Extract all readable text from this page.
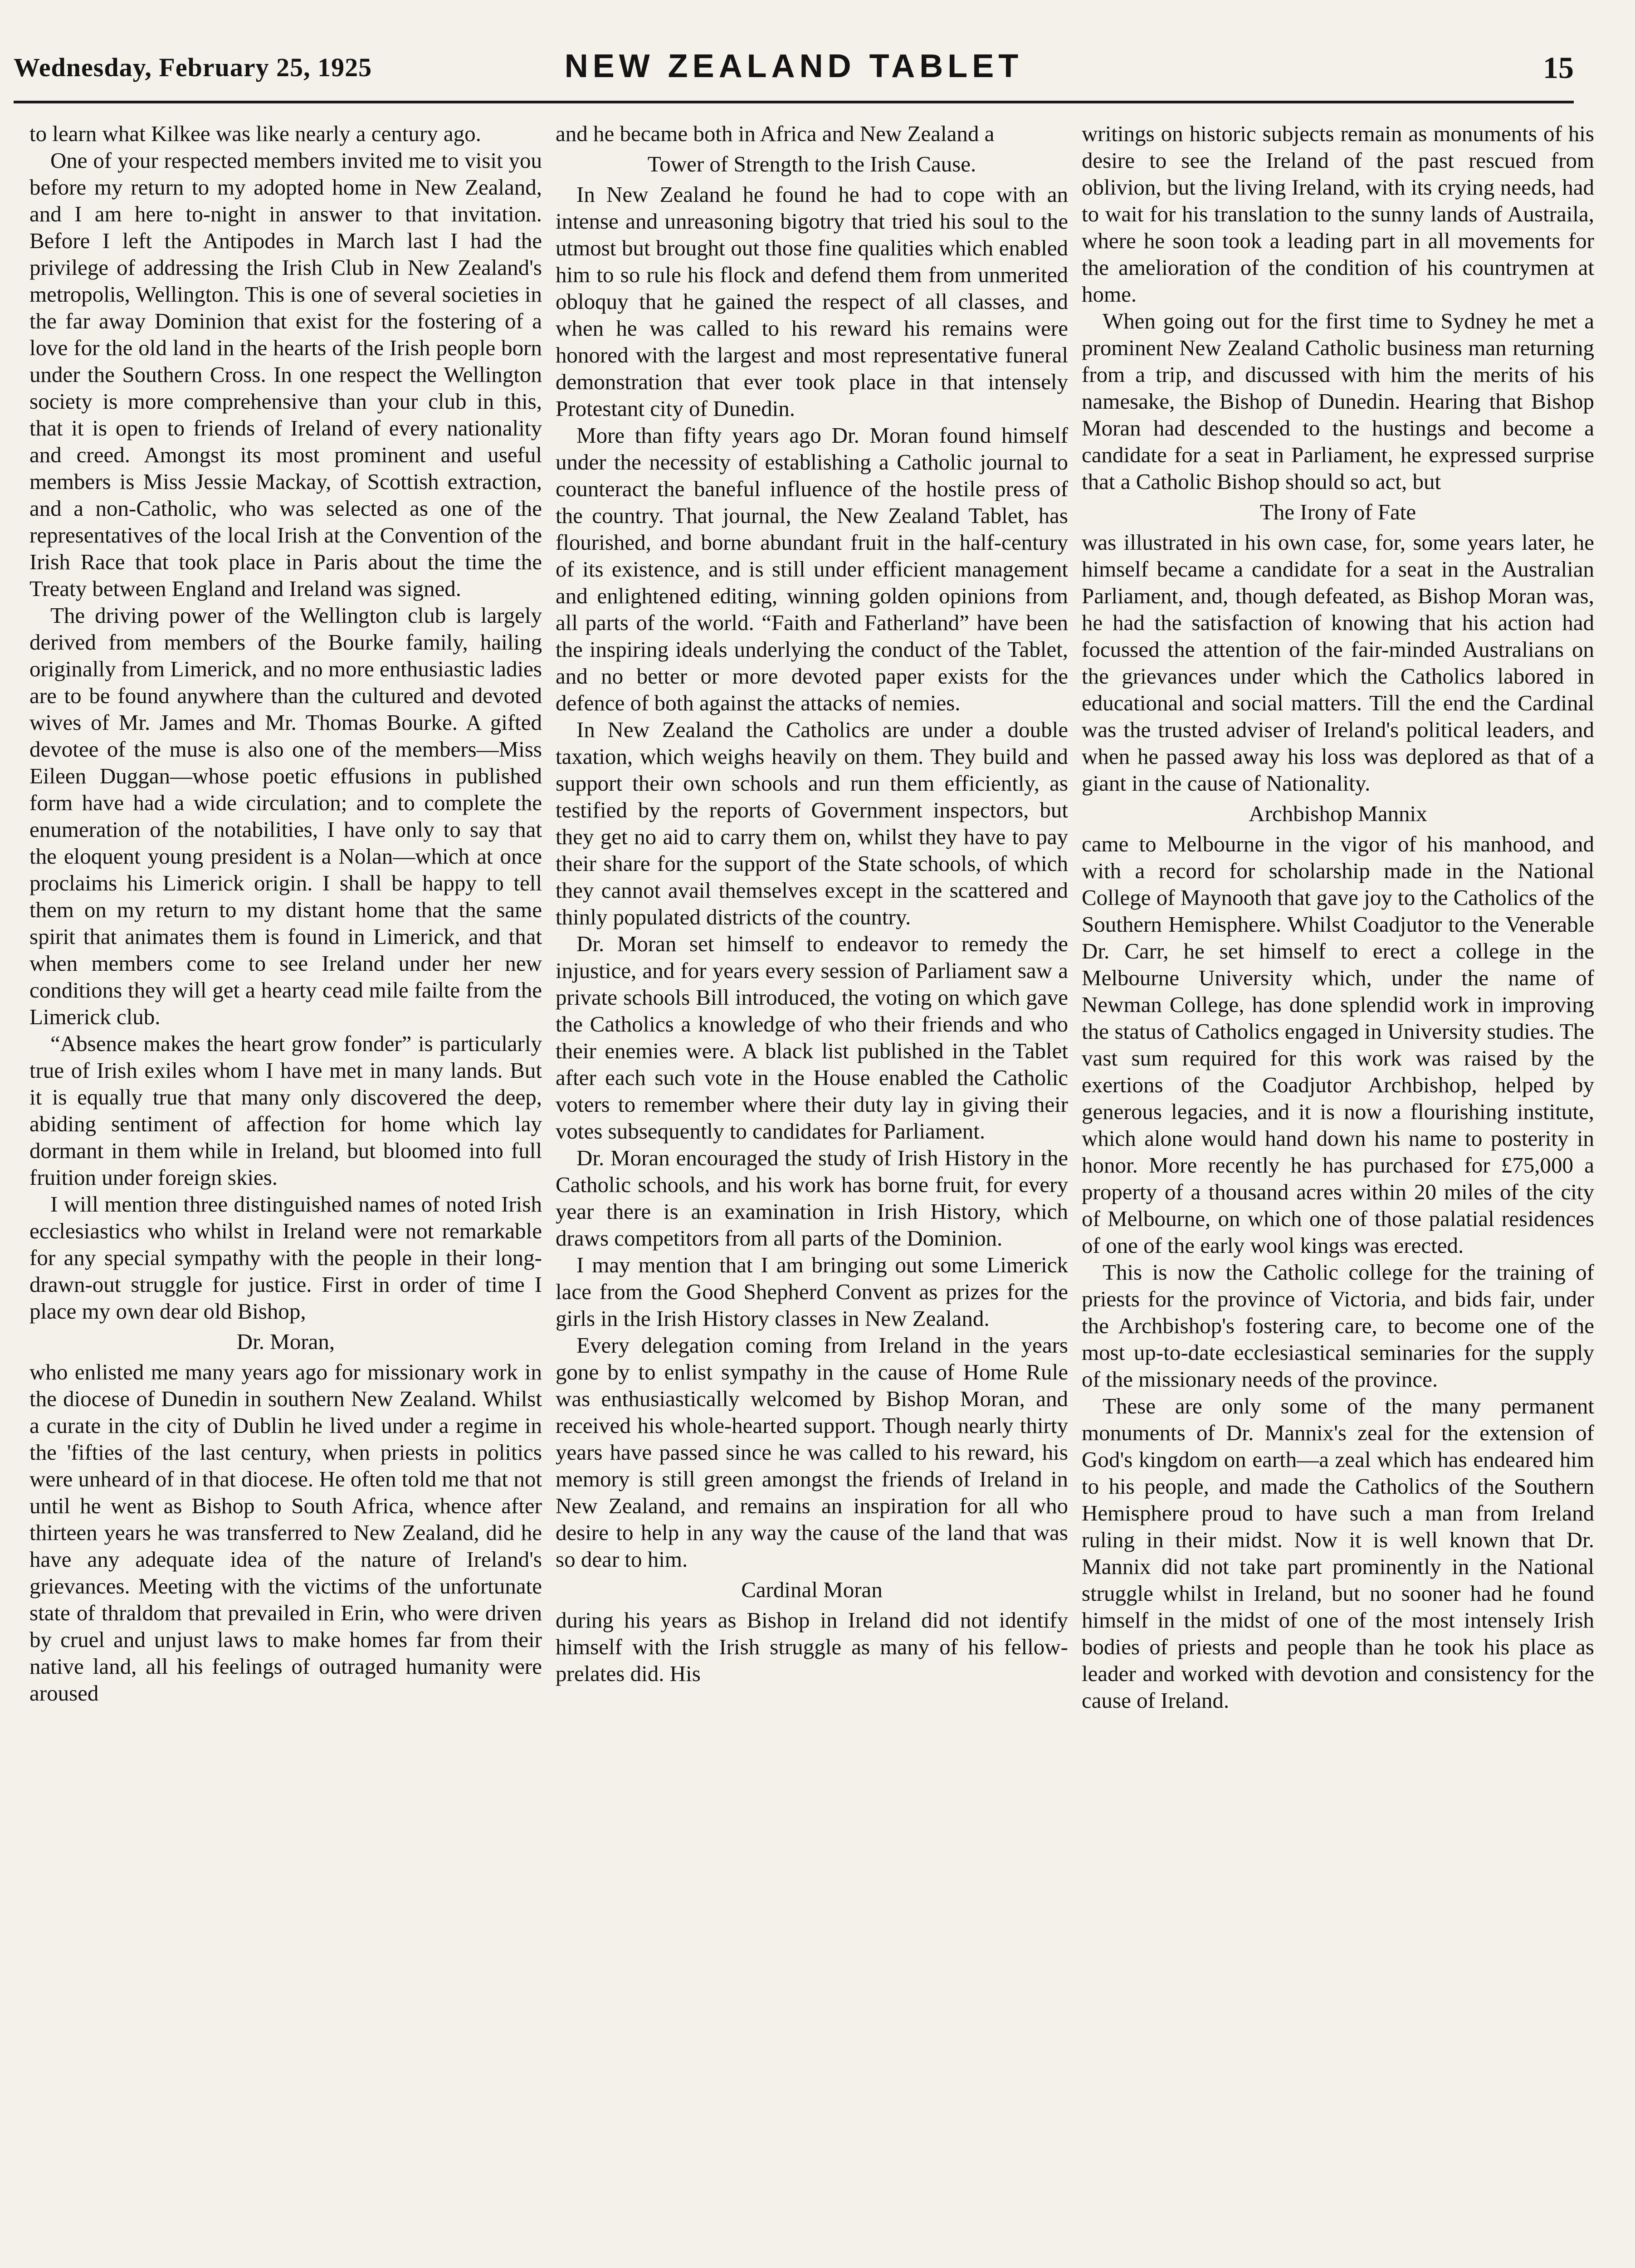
Wednesday, February 25, 1925	NEW ZEALAND TABLET	15

to learn what Kilkee was like nearly a century ago.

One of your respected members invited me to visit you before my return to my adopted home in New Zealand, and I am here to-night in answer to that invitation. Before I left the Antipodes in March last I had the privilege of addressing the Irish Club in New Zealand's metropolis, Wellington. This is one of several societies in the far away Dominion that exist for the fostering of a love for the old land in the hearts of the Irish people born under the Southern Cross. In one respect the Wellington society is more comprehensive than your club in this, that it is open to friends of Ireland of every nationality and creed. Amongst its most prominent and useful members is Miss Jessie Mackay, of Scottish extraction, and a non-Catholic, who was selected as one of the representatives of the local Irish at the Convention of the Irish Race that took place in Paris about the time the Treaty between England and Ireland was signed.

The driving power of the Wellington club is largely derived from members of the Bourke family, hailing originally from Limerick, and no more enthusiastic ladies are to be found anywhere than the cultured and devoted wives of Mr. James and Mr. Thomas Bourke. A gifted devotee of the muse is also one of the members—Miss Eileen Duggan—whose poetic effusions in published form have had a wide circulation; and to complete the enumeration of the notabilities, I have only to say that the eloquent young president is a Nolan—which at once proclaims his Limerick origin. I shall be happy to tell them on my return to my distant home that the same spirit that animates them is found in Limerick, and that when members come to see Ireland under her new conditions they will get a hearty cead mile failte from the Limerick club.

“Absence makes the heart grow fonder” is particularly true of Irish exiles whom I have met in many lands. But it is equally true that many only discovered the deep, abiding sentiment of affection for home which lay dormant in them while in Ireland, but bloomed into full fruition under foreign skies.

I will mention three distinguished names of noted Irish ecclesiastics who whilst in Ireland were not remarkable for any special sympathy with the people in their long-drawn-out struggle for justice. First in order of time I place my own dear old Bishop,

Dr. Moran,

who enlisted me many years ago for missionary work in the diocese of Dunedin in southern New Zealand. Whilst a curate in the city of Dublin he lived under a regime in the 'fifties of the last century, when priests in politics were unheard of in that diocese. He often told me that not until he went as Bishop to South Africa, whence after thirteen years he was transferred to New Zealand, did he have any adequate idea of the nature of Ireland's grievances. Meeting with the victims of the unfortunate state of thraldom that prevailed in Erin, who were driven by cruel and unjust laws to make homes far from their native land, all his feelings of outraged humanity were aroused

and he became both in Africa and New Zealand a

Tower of Strength to the Irish Cause.

In New Zealand he found he had to cope with an intense and unreasoning bigotry that tried his soul to the utmost but brought out those fine qualities which enabled him to so rule his flock and defend them from unmerited obloquy that he gained the respect of all classes, and when he was called to his reward his remains were honored with the largest and most representative funeral demonstration that ever took place in that intensely Protestant city of Dunedin.

More than fifty years ago Dr. Moran found himself under the necessity of establishing a Catholic journal to counteract the baneful influence of the hostile press of the country. That journal, the New Zealand Tablet, has flourished, and borne abundant fruit in the half-century of its existence, and is still under efficient management and enlightened editing, winning golden opinions from all parts of the world. “Faith and Fatherland” have been the inspiring ideals underlying the conduct of the Tablet, and no better or more devoted paper exists for the defence of both against the attacks of nemies.

In New Zealand the Catholics are under a double taxation, which weighs heavily on them. They build and support their own schools and run them efficiently, as testified by the reports of Government inspectors, but they get no aid to carry them on, whilst they have to pay their share for the support of the State schools, of which they cannot avail themselves except in the scattered and thinly populated districts of the country.

Dr. Moran set himself to endeavor to remedy the injustice, and for years every session of Parliament saw a private schools Bill introduced, the voting on which gave the Catholics a knowledge of who their friends and who their enemies were. A black list published in the Tablet after each such vote in the House enabled the Catholic voters to remember where their duty lay in giving their votes subsequently to candidates for Parliament.

Dr. Moran encouraged the study of Irish History in the Catholic schools, and his work has borne fruit, for every year there is an examination in Irish History, which draws competitors from all parts of the Dominion.

I may mention that I am bringing out some Limerick lace from the Good Shepherd Convent as prizes for the girls in the Irish History classes in New Zealand.

Every delegation coming from Ireland in the years gone by to enlist sympathy in the cause of Home Rule was enthusiastically welcomed by Bishop Moran, and received his whole-hearted support. Though nearly thirty years have passed since he was called to his reward, his memory is still green amongst the friends of Ireland in New Zealand, and remains an inspiration for all who desire to help in any way the cause of the land that was so dear to him.

Cardinal Moran

during his years as Bishop in Ireland did not identify himself with the Irish struggle as many of his fellow-prelates did. His

writings on historic subjects remain as monuments of his desire to see the Ireland of the past rescued from oblivion, but the living Ireland, with its crying needs, had to wait for his translation to the sunny lands of Austraila, where he soon took a leading part in all movements for the amelioration of the condition of his countrymen at home.

When going out for the first time to Sydney he met a prominent New Zealand Catholic business man returning from a trip, and discussed with him the merits of his namesake, the Bishop of Dunedin. Hearing that Bishop Moran had descended to the hustings and become a candidate for a seat in Parliament, he expressed surprise that a Catholic Bishop should so act, but

The Irony of Fate

was illustrated in his own case, for, some years later, he himself became a candidate for a seat in the Australian Parliament, and, though defeated, as Bishop Moran was, he had the satisfaction of knowing that his action had focussed the attention of the fair-minded Australians on the grievances under which the Catholics labored in educational and social matters. Till the end the Cardinal was the trusted adviser of Ireland's political leaders, and when he passed away his loss was deplored as that of a giant in the cause of Nationality.

Archbishop Mannix

came to Melbourne in the vigor of his manhood, and with a record for scholarship made in the National College of Maynooth that gave joy to the Catholics of the Southern Hemisphere. Whilst Coadjutor to the Venerable Dr. Carr, he set himself to erect a college in the Melbourne University which, under the name of Newman College, has done splendid work in improving the status of Catholics engaged in University studies. The vast sum required for this work was raised by the exertions of the Coadjutor Archbishop, helped by generous legacies, and it is now a flourishing institute, which alone would hand down his name to posterity in honor. More recently he has purchased for £75,000 a property of a thousand acres within 20 miles of the city of Melbourne, on which one of those palatial residences of one of the early wool kings was erected.

This is now the Catholic college for the training of priests for the province of Victoria, and bids fair, under the Archbishop's fostering care, to become one of the most up-to-date ecclesiastical seminaries for the supply of the missionary needs of the province.

These are only some of the many permanent monuments of Dr. Mannix's zeal for the extension of God's kingdom on earth—a zeal which has endeared him to his people, and made the Catholics of the Southern Hemisphere proud to have such a man from Ireland ruling in their midst. Now it is well known that Dr. Mannix did not take part prominently in the National struggle whilst in Ireland, but no sooner had he found himself in the midst of one of the most intensely Irish bodies of priests and people than he took his place as leader and worked with devotion and consistency for the cause of Ireland.
